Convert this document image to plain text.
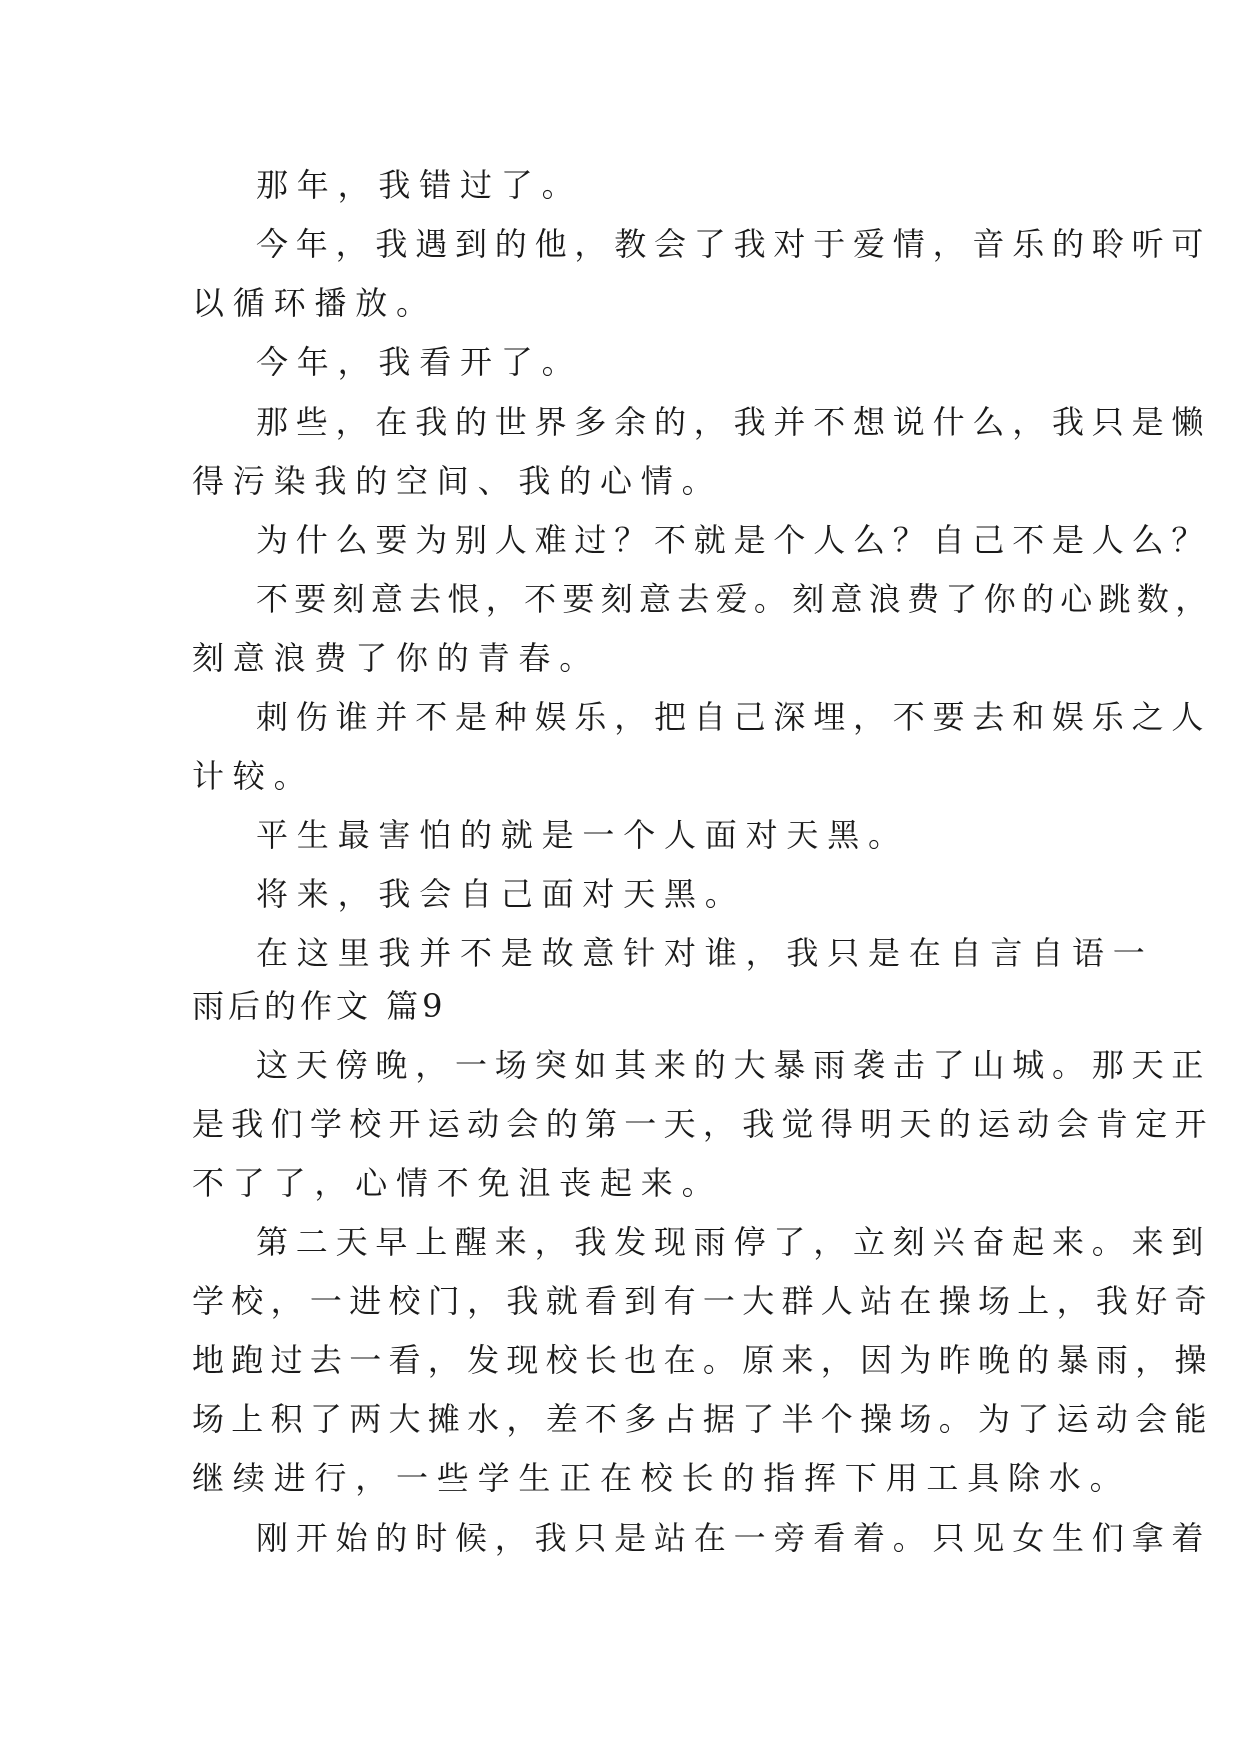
那年，我错过了。
今年，我遇到的他，教会了我对于爱情，音乐的聆听可
以循环播放。
今年，我看开了。
那些，在我的世界多余的，我并不想说什么，我只是懒
得污染我的空间、我的心情。
为什么要为别人难过？不就是个人么？自己不是人么？
不要刻意去恨，不要刻意去爱。刻意浪费了你的心跳数，
刻意浪费了你的青春。
刺伤谁并不是种娱乐，把自己深埋，不要去和娱乐之人
计较。
平生最害怕的就是一个人面对天黑。
将来，我会自己面对天黑。
在这里我并不是故意针对谁，我只是在自言自语一
雨后的作文 篇9
这天傍晚，一场突如其来的大暴雨袭击了山城。那天正
是我们学校开运动会的第一天，我觉得明天的运动会肯定开
不了了，心情不免沮丧起来。
第二天早上醒来，我发现雨停了，立刻兴奋起来。来到
学校，一进校门，我就看到有一大群人站在操场上，我好奇
地跑过去一看，发现校长也在。原来，因为昨晚的暴雨，操
场上积了两大摊水，差不多占据了半个操场。为了运动会能
继续进行，一些学生正在校长的指挥下用工具除水。
刚开始的时候，我只是站在一旁看着。只见女生们拿着
